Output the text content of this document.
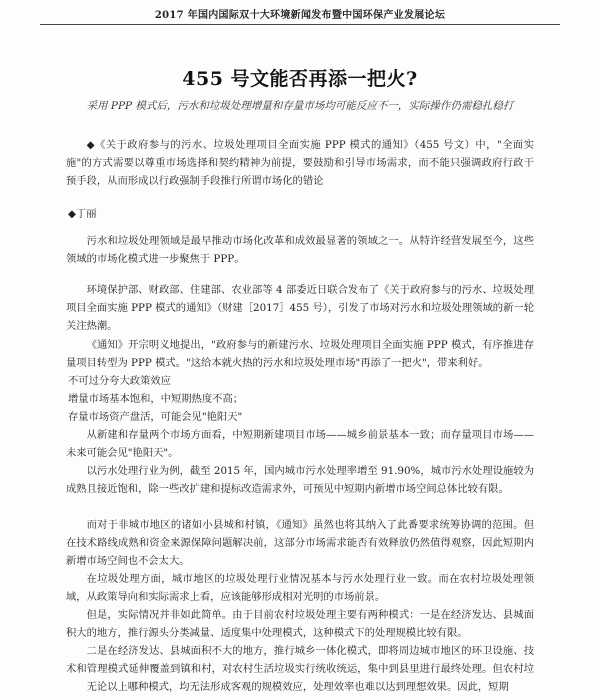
2017 年国内国际双十大环境新闻发布暨中国环保产业发展论坛
455 号文能否再添一把火?
采用 PPP 模式后，污水和垃圾处理增量和存量市场均可能反应不一，实际操作仍需稳扎稳打

◆《关于政府参与的污水、垃圾处理项目全面实施 PPP 模式的通知》（455 号文）中，"全面实施"的方式需要以尊重市场选择和契约精神为前提，要鼓励和引导市场需求，而不能只强调政府行政干预手段，从而形成以行政强制手段推行所谓市场化的错论

◆丁丽

污水和垃圾处理领域是最早推动市场化改革和成效最显著的领域之一。从特许经营发展至今，这些领域的市场化模式进一步聚焦于 PPP。

环境保护部、财政部、住建部、农业部等 4 部委近日联合发布了《关于政府参与的污水、垃圾处理项目全面实施 PPP 模式的通知》（财建［2017］455 号），引发了市场对污水和垃圾处理领域的新一轮关注热潮。

《通知》开宗明义地提出，"政府参与的新建污水、垃圾处理项目全面实施 PPP 模式，有序推进存量项目转型为 PPP 模式。"这给本就火热的污水和垃圾处理市场"再添了一把火"，带来利好。

不可过分夸大政策效应

增量市场基本饱和，中短期热度不高；

存量市场资产盘活，可能会见"艳阳天"

从新建和存量两个市场方面看，中短期新建项目市场——城乡前景基本一致；而存量项目市场——未来可能会见"艳阳天"。

以污水处理行业为例，截至 2015 年，国内城市污水处理率增至 91.90%，城市污水处理设施较为成熟且接近饱和，除一些改扩建和提标改造需求外，可预见中短期内新增市场空间总体比较有限。

而对于非城市地区的诸如小县城和村镇，《通知》虽然也将其纳入了此番要求统筹协调的范围。但在技术路线成熟和资金来源保障问题解决前，这部分市场需求能否有效释放仍然值得观察，因此短期内新增市场空间也不会太大。

在垃圾处理方面，城市地区的垃圾处理行业情况基本与污水处理行业一致。而在农村垃圾处理领域，从政策导向和实际需求上看，应该能够形成相对光明的市场前景。

但是，实际情况并非如此简单。由于目前农村垃圾处理主要有两种模式：一是在经济发达、县城面积大的地方，推行源头分类减量、适度集中处理模式，这种模式下的处理规模比较有限。

二是在经济发达、县城面积不大的地方，推行城乡一体化模式，即将周边城市地区的环卫设施、技术和管理模式延伸覆盖到镇和村，对农村生活垃圾实行统收统运，集中到县里进行最终处理。但农村垃

无论以上哪种模式，均无法形成客观的规模效应，处理效率也难以达到理想效果。因此，短期
